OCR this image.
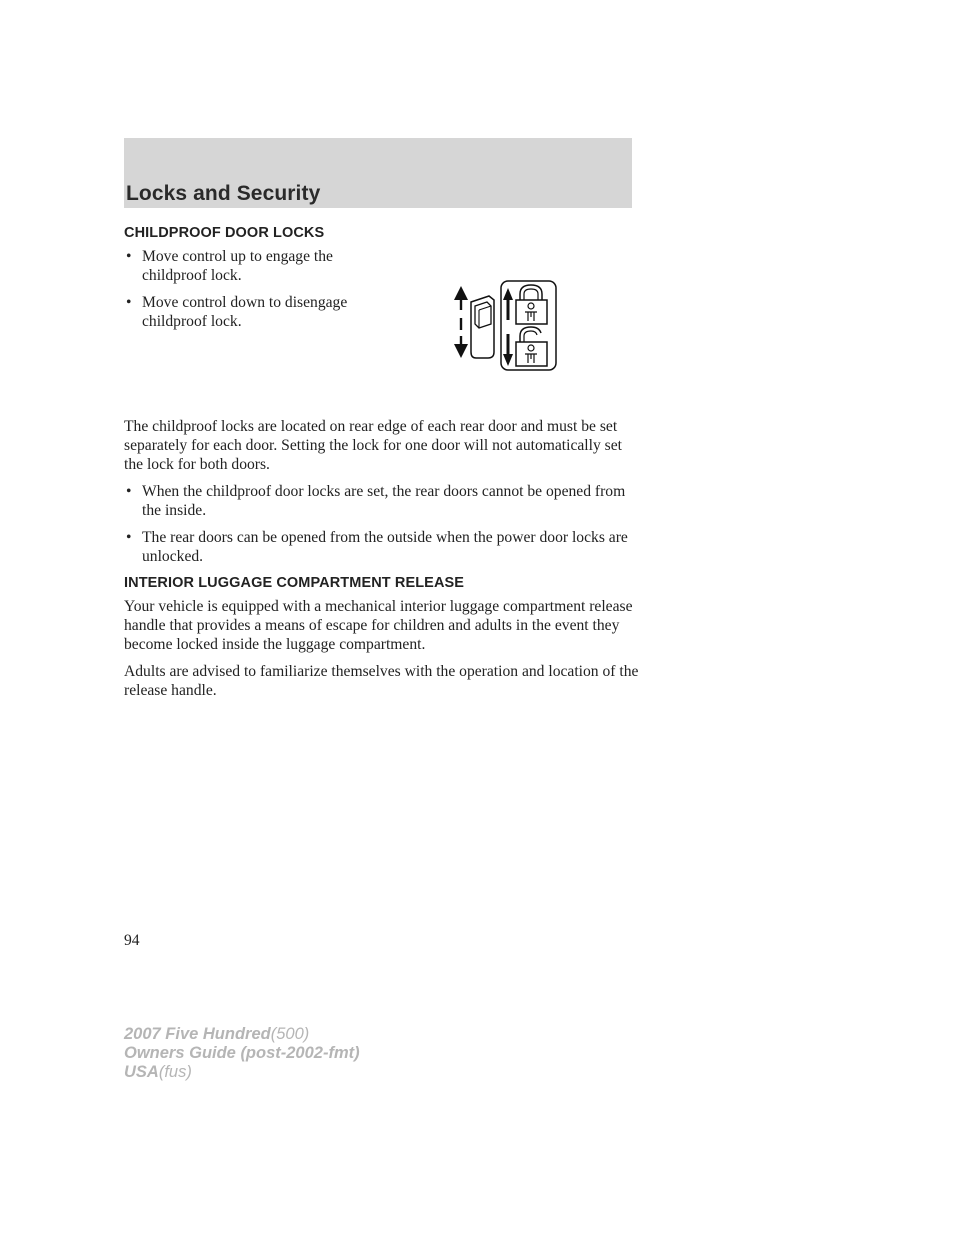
Locks and Security
CHILDPROOF DOOR LOCKS
• Move control up to engage the childproof lock.
• Move control down to disengage childproof lock.

The childproof locks are located on rear edge of each rear door and must be set separately for each door. Setting the lock for one door will not automatically set the lock for both doors.

• When the childproof door locks are set, the rear doors cannot be opened from the inside.
• The rear doors can be opened from the outside when the power door locks are unlocked.
INTERIOR LUGGAGE COMPARTMENT RELEASE

Your vehicle is equipped with a mechanical interior luggage compartment release handle that provides a means of escape for children and adults in the event they become locked inside the luggage compartment.

Adults are advised to familiarize themselves with the operation and location of the release handle.

94
2007 Five Hundred(500)
Owners Guide (post-2002-fmt)
USA(fus)
